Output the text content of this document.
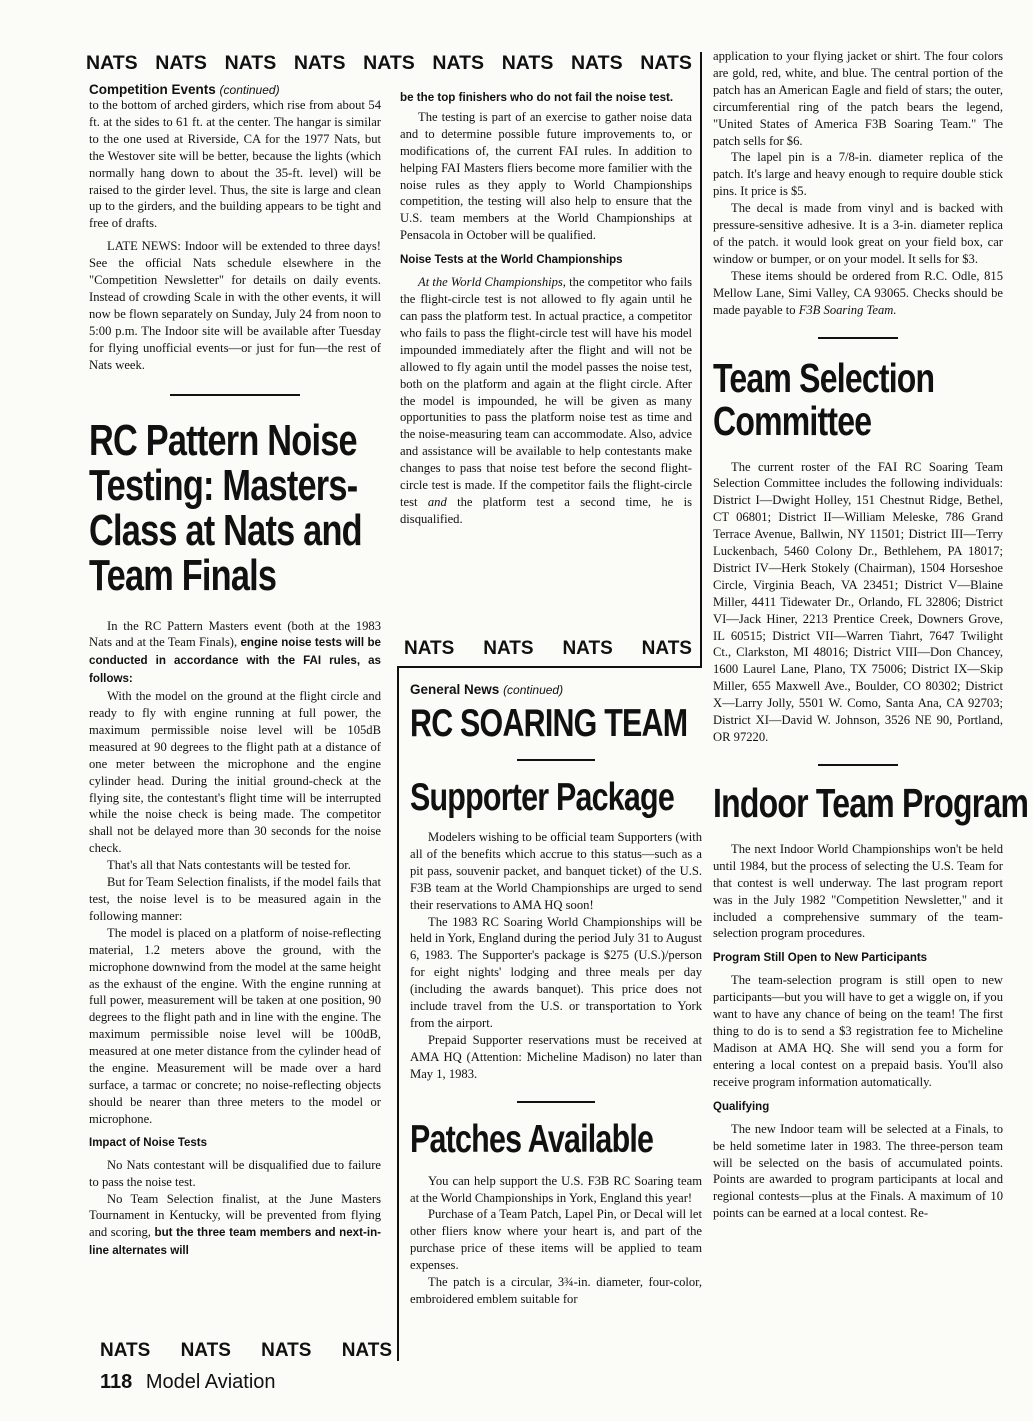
NATS NATS NATS NATS NATS NATS NATS NATS NATS
Competition Events (continued)

to the bottom of arched girders, which rise from about 54 ft. at the sides to 61 ft. at the center. The hangar is similar to the one used at Riverside, CA for the 1977 Nats, but the Westover site will be better, because the lights (which normally hang down to about the 35-ft. level) will be raised to the girder level. Thus, the site is large and clean up to the girders, and the building appears to be tight and free of drafts.

LATE NEWS: Indoor will be extended to three days! See the official Nats schedule elsewhere in the "Competition Newsletter" for details on daily events. Instead of crowding Scale in with the other events, it will now be flown separately on Sunday, July 24 from noon to 5:00 p.m. The Indoor site will be available after Tuesday for flying unofficial events—or just for fun—the rest of Nats week.

RC Pattern Noise
Testing: Masters-
Class at Nats and
Team Finals

In the RC Pattern Masters event (both at the 1983 Nats and at the Team Finals), engine noise tests will be conducted in accordance with the FAI rules, as follows:

With the model on the ground at the flight circle and ready to fly with engine running at full power, the maximum permissible noise level will be 105dB measured at 90 degrees to the flight path at a distance of one meter between the microphone and the engine cylinder head. During the initial ground-check at the flying site, the contestant's flight time will be interrupted while the noise check is being made. The competitor shall not be delayed more than 30 seconds for the noise check.

That's all that Nats contestants will be tested for.

But for Team Selection finalists, if the model fails that test, the noise level is to be measured again in the following manner:

The model is placed on a platform of noise-reflecting material, 1.2 meters above the ground, with the microphone downwind from the model at the same height as the exhaust of the engine. With the engine running at full power, measurement will be taken at one position, 90 degrees to the flight path and in line with the engine. The maximum permissible noise level will be 100dB, measured at one meter distance from the cylinder head of the engine. Measurement will be made over a hard surface, a tarmac or concrete; no noise-reflecting objects should be nearer than three meters to the model or microphone.

Impact of Noise Tests

No Nats contestant will be disqualified due to failure to pass the noise test.

No Team Selection finalist, at the June Masters Tournament in Kentucky, will be prevented from flying and scoring, but the three team members and next-in-line alternates will

be the top finishers who do not fail the noise test.

The testing is part of an exercise to gather noise data and to determine possible future improvements to, or modifications of, the current FAI rules. In addition to helping FAI Masters fliers become more familier with the noise rules as they apply to World Championships competition, the testing will also help to ensure that the U.S. team members at the World Championships at Pensacola in October will be qualified.

Noise Tests at the World Championships

At the World Championships, the competitor who fails the flight-circle test is not allowed to fly again until he can pass the platform test. In actual practice, a competitor who fails to pass the flight-circle test will have his model impounded immediately after the flight and will not be allowed to fly again until the model passes the noise test, both on the platform and again at the flight circle. After the model is impounded, he will be given as many opportunities to pass the platform noise test as time and the noise-measuring team can accommodate. Also, advice and assistance will be available to help contestants make changes to pass that noise test before the second flight-circle test is made. If the competitor fails the flight-circle test and the platform test a second time, he is disqualified.

NATS NATS NATS NATS
General News (continued)
RC SOARING TEAM
Supporter Package

Modelers wishing to be official team Supporters (with all of the benefits which accrue to this status—such as a pit pass, souvenir packet, and banquet ticket) of the U.S. F3B team at the World Championships are urged to send their reservations to AMA HQ soon!

The 1983 RC Soaring World Championships will be held in York, England during the period July 31 to August 6, 1983. The Supporter's package is $275 (U.S.)/person for eight nights' lodging and three meals per day (including the awards banquet). This price does not include travel from the U.S. or transportation to York from the airport.

Prepaid Supporter reservations must be received at AMA HQ (Attention: Micheline Madison) no later than May 1, 1983.

Patches Available

You can help support the U.S. F3B RC Soaring team at the World Championships in York, England this year!

Purchase of a Team Patch, Lapel Pin, or Decal will let other fliers know where your heart is, and part of the purchase price of these items will be applied to team expenses.

The patch is a circular, 3¾-in. diameter, four-color, embroidered emblem suitable for

application to your flying jacket or shirt. The four colors are gold, red, white, and blue. The central portion of the patch has an American Eagle and field of stars; the outer, circumferential ring of the patch bears the legend, "United States of America F3B Soaring Team." The patch sells for $6.

The lapel pin is a 7/8-in. diameter replica of the patch. It's large and heavy enough to require double stick pins. It price is $5.

The decal is made from vinyl and is backed with pressure-sensitive adhesive. It is a 3-in. diameter replica of the patch. it would look great on your field box, car window or bumper, or on your model. It sells for $3.

These items should be ordered from R.C. Odle, 815 Mellow Lane, Simi Valley, CA 93065. Checks should be made payable to F3B Soaring Team.

Team Selection
Committee

The current roster of the FAI RC Soaring Team Selection Committee includes the following individuals: District I—Dwight Holley, 151 Chestnut Ridge, Bethel, CT 06801; District II—William Meleske, 786 Grand Terrace Avenue, Ballwin, NY 11501; District III—Terry Luckenbach, 5460 Colony Dr., Bethlehem, PA 18017; District IV—Herk Stokely (Chairman), 1504 Horseshoe Circle, Virginia Beach, VA 23451; District V—Blaine Miller, 4411 Tidewater Dr., Orlando, FL 32806; District VI—Jack Hiner, 2213 Prentice Creek, Downers Grove, IL 60515; District VII—Warren Tiahrt, 7647 Twilight Ct., Clarkston, MI 48016; District VIII—Don Chancey, 1600 Laurel Lane, Plano, TX 75006; District IX—Skip Miller, 655 Maxwell Ave., Boulder, CO 80302; District X—Larry Jolly, 5501 W. Como, Santa Ana, CA 92703; District XI—David W. Johnson, 3526 NE 90, Portland, OR 97220.

Indoor Team Program

The next Indoor World Championships won't be held until 1984, but the process of selecting the U.S. Team for that contest is well underway. The last program report was in the July 1982 "Competition Newsletter," and it included a comprehensive summary of the team-selection program procedures.

Program Still Open to New Participants

The team-selection program is still open to new participants—but you will have to get a wiggle on, if you want to have any chance of being on the team! The first thing to do is to send a $3 registration fee to Micheline Madison at AMA HQ. She will send you a form for entering a local contest on a prepaid basis. You'll also receive program information automatically.

Qualifying

The new Indoor team will be selected at a Finals, to be held sometime later in 1983. The three-person team will be selected on the basis of accumulated points. Points are awarded to program participants at local and regional contests—plus at the Finals. A maximum of 10 points can be earned at a local contest. Re-

NATS NATS NATS NATS
118 Model Aviation
